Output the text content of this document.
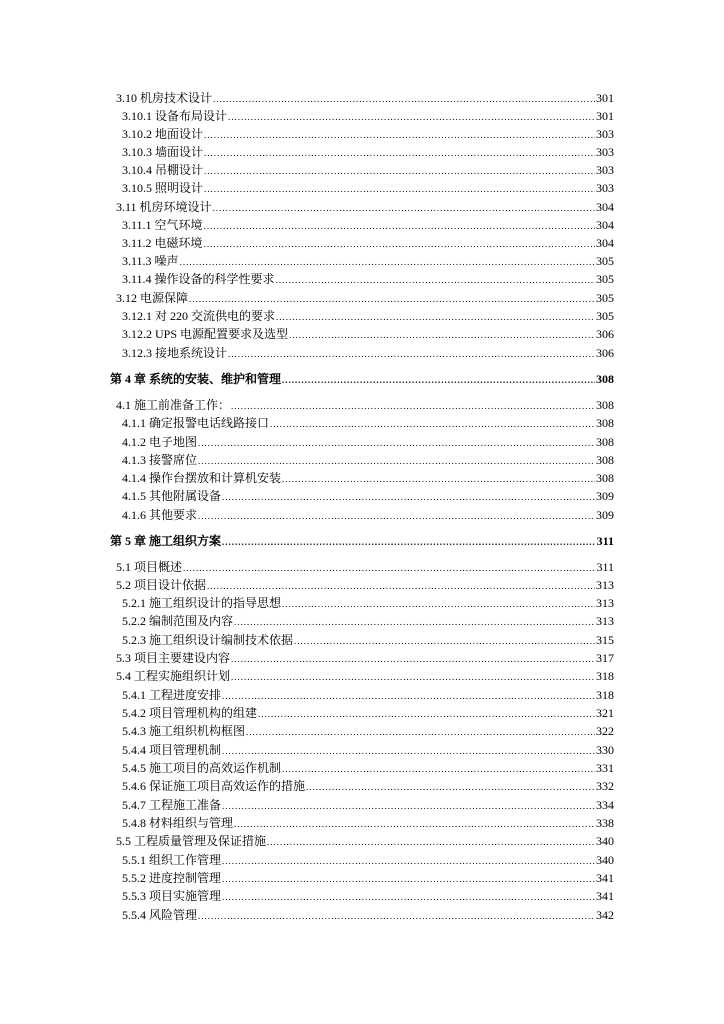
3.10 机房技术设计 .....	301
3.10.1 设备布局设计 .....	301
3.10.2 地面设计 .....	303
3.10.3 墙面设计 .....	303
3.10.4 吊棚设计 .....	303
3.10.5 照明设计 .....	303
3.11 机房环境设计 .....	304
3.11.1 空气环境 .....	304
3.11.2 电磁环境 .....	304
3.11.3 噪声 .....	305
3.11.4 操作设备的科学性要求 .....	305
3.12 电源保障 .....	305
3.12.1 对 220 交流供电的要求 .....	305
3.12.2 UPS 电源配置要求及选型 .....	306
3.12.3 接地系统设计 .....	306
第 4 章 系统的安装、维护和管理 .....	308
4.1 施工前准备工作： .....	308
4.1.1 确定报警电话线路接口 .....	308
4.1.2 电子地图 .....	308
4.1.3 接警席位 .....	308
4.1.4 操作台摆放和计算机安装 .....	308
4.1.5 其他附属设备 .....	309
4.1.6 其他要求 .....	309
第 5 章 施工组织方案 .....	311
5.1 项目概述 .....	311
5.2 项目设计依据 .....	313
5.2.1 施工组织设计的指导思想 .....	313
5.2.2 编制范围及内容 .....	313
5.2.3 施工组织设计编制技术依据 .....	315
5.3 项目主要建设内容 .....	317
5.4 工程实施组织计划 .....	318
5.4.1 工程进度安排 .....	318
5.4.2 项目管理机构的组建 .....	321
5.4.3 施工组织机构框图 .....	322
5.4.4 项目管理机制 .....	330
5.4.5 施工项目的高效运作机制 .....	331
5.4.6 保证施工项目高效运作的措施 .....	332
5.4.7 工程施工准备 .....	334
5.4.8 材料组织与管理 .....	338
5.5 工程质量管理及保证措施 .....	340
5.5.1 组织工作管理 .....	340
5.5.2 进度控制管理 .....	341
5.5.3 项目实施管理 .....	341
5.5.4 风险管理 .....	342
